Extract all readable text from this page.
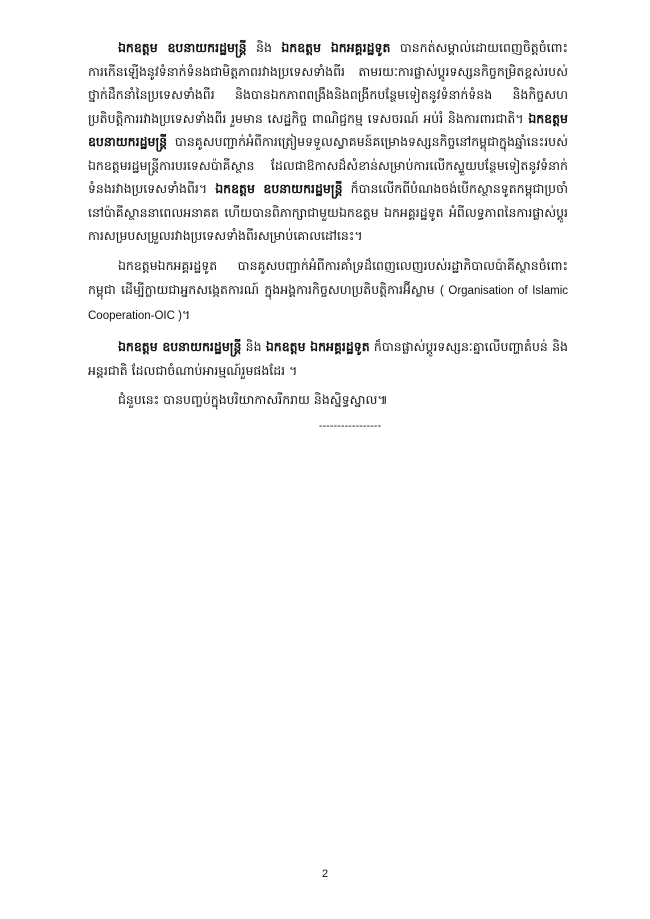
ឯកឧត្តម ឧបនាយករដ្ឋមន្ត្រី និង ឯកឧត្តម ឯកអគ្គរដ្ឋទូត បានកត់សម្គាល់ដោយពេញចិត្តចំពោះការកើនឡើងនូវទំនាក់ទំនងជាមិត្តភាពរវាងប្រទេសទាំងពីរ តាមរយៈការផ្លាស់ប្តូរទស្សនកិច្ចកម្រិតខ្ពស់របស់ថ្នាក់ដឹកនាំនៃប្រទេសទាំងពីរ និងបានឯកភាពពង្រឹងនិងពង្រីកបន្ថែមទៀតនូវទំនាក់ទំនង និងកិច្ចសហប្រតិបត្តិការរវាងប្រទេសទាំងពីរ រួមមាន សេដ្ឋកិច្ច ពាណិជ្ជកម្ម ទេសចរណ៍ អប់រំ និងការពារជាតិ។ ឯកឧត្តម ឧបនាយករដ្ឋមន្ត្រី បានគូសបញ្ជាក់អំពីការត្រៀមទទួលស្វាគមន៍គម្រោងទស្សនកិច្ចនៅកម្ពុជាក្នុងឆ្នាំនេះរបស់ឯកឧត្តមរដ្ឋមន្ត្រីការបរទេសប៉ាគីស្ថាន ដែលជាឱកាសដ៏សំខាន់សម្រាប់ការលើកស្ទួយបន្ថែមទៀតនូវទំនាក់ទំនងរវាងប្រទេសទាំងពីរ។ ឯកឧត្តម ឧបនាយករដ្ឋមន្ត្រី ក៏បានលើកពីបំណងចង់បើកស្ថានទូតកម្ពុជាប្រចាំនៅប៉ាគីស្ថាននាពេលអនាគត ហើយបានពិភាក្សាជាមួយឯកឧត្តម ឯកអគ្គរដ្ឋទូត អំពីលទ្ធភាពនៃការផ្លាស់ប្តូរការសម្របសម្រួលរវាងប្រទេសទាំងពីរសម្រាប់គោលដៅនេះ។

ឯកឧត្តមឯកអគ្គរដ្ឋទូត បានគូសបញ្ជាក់អំពីការគាំទ្រដ៏ពេញលេញរបស់រដ្ឋាភិបាលប៉ាគីស្ថានចំពោះកម្ពុជា ដើម្បីក្លាយជាអ្នកសង្កេតការណ៍ ក្នុងអង្គការកិច្ចសហប្រតិបត្តិការអ៊ីស្លាម ( Organisation of Islamic Cooperation-OIC )។

ឯកឧត្តម ឧបនាយករដ្ឋមន្ត្រី និង ឯកឧត្តម ឯកអគ្គរដ្ឋទូត ក៏បានផ្លាស់ប្តូរទស្សនៈគ្នាលើបញ្ហាតំបន់ និងអន្តរជាតិ ដែលជាចំណាប់អារម្មណ៍រួមផងដែរ ។

ជំនួបនេះ បានបញ្ចប់ក្នុងបរិយាកាសរីករាយ និងស្និទ្ធស្នាល៕

-----------------
2
